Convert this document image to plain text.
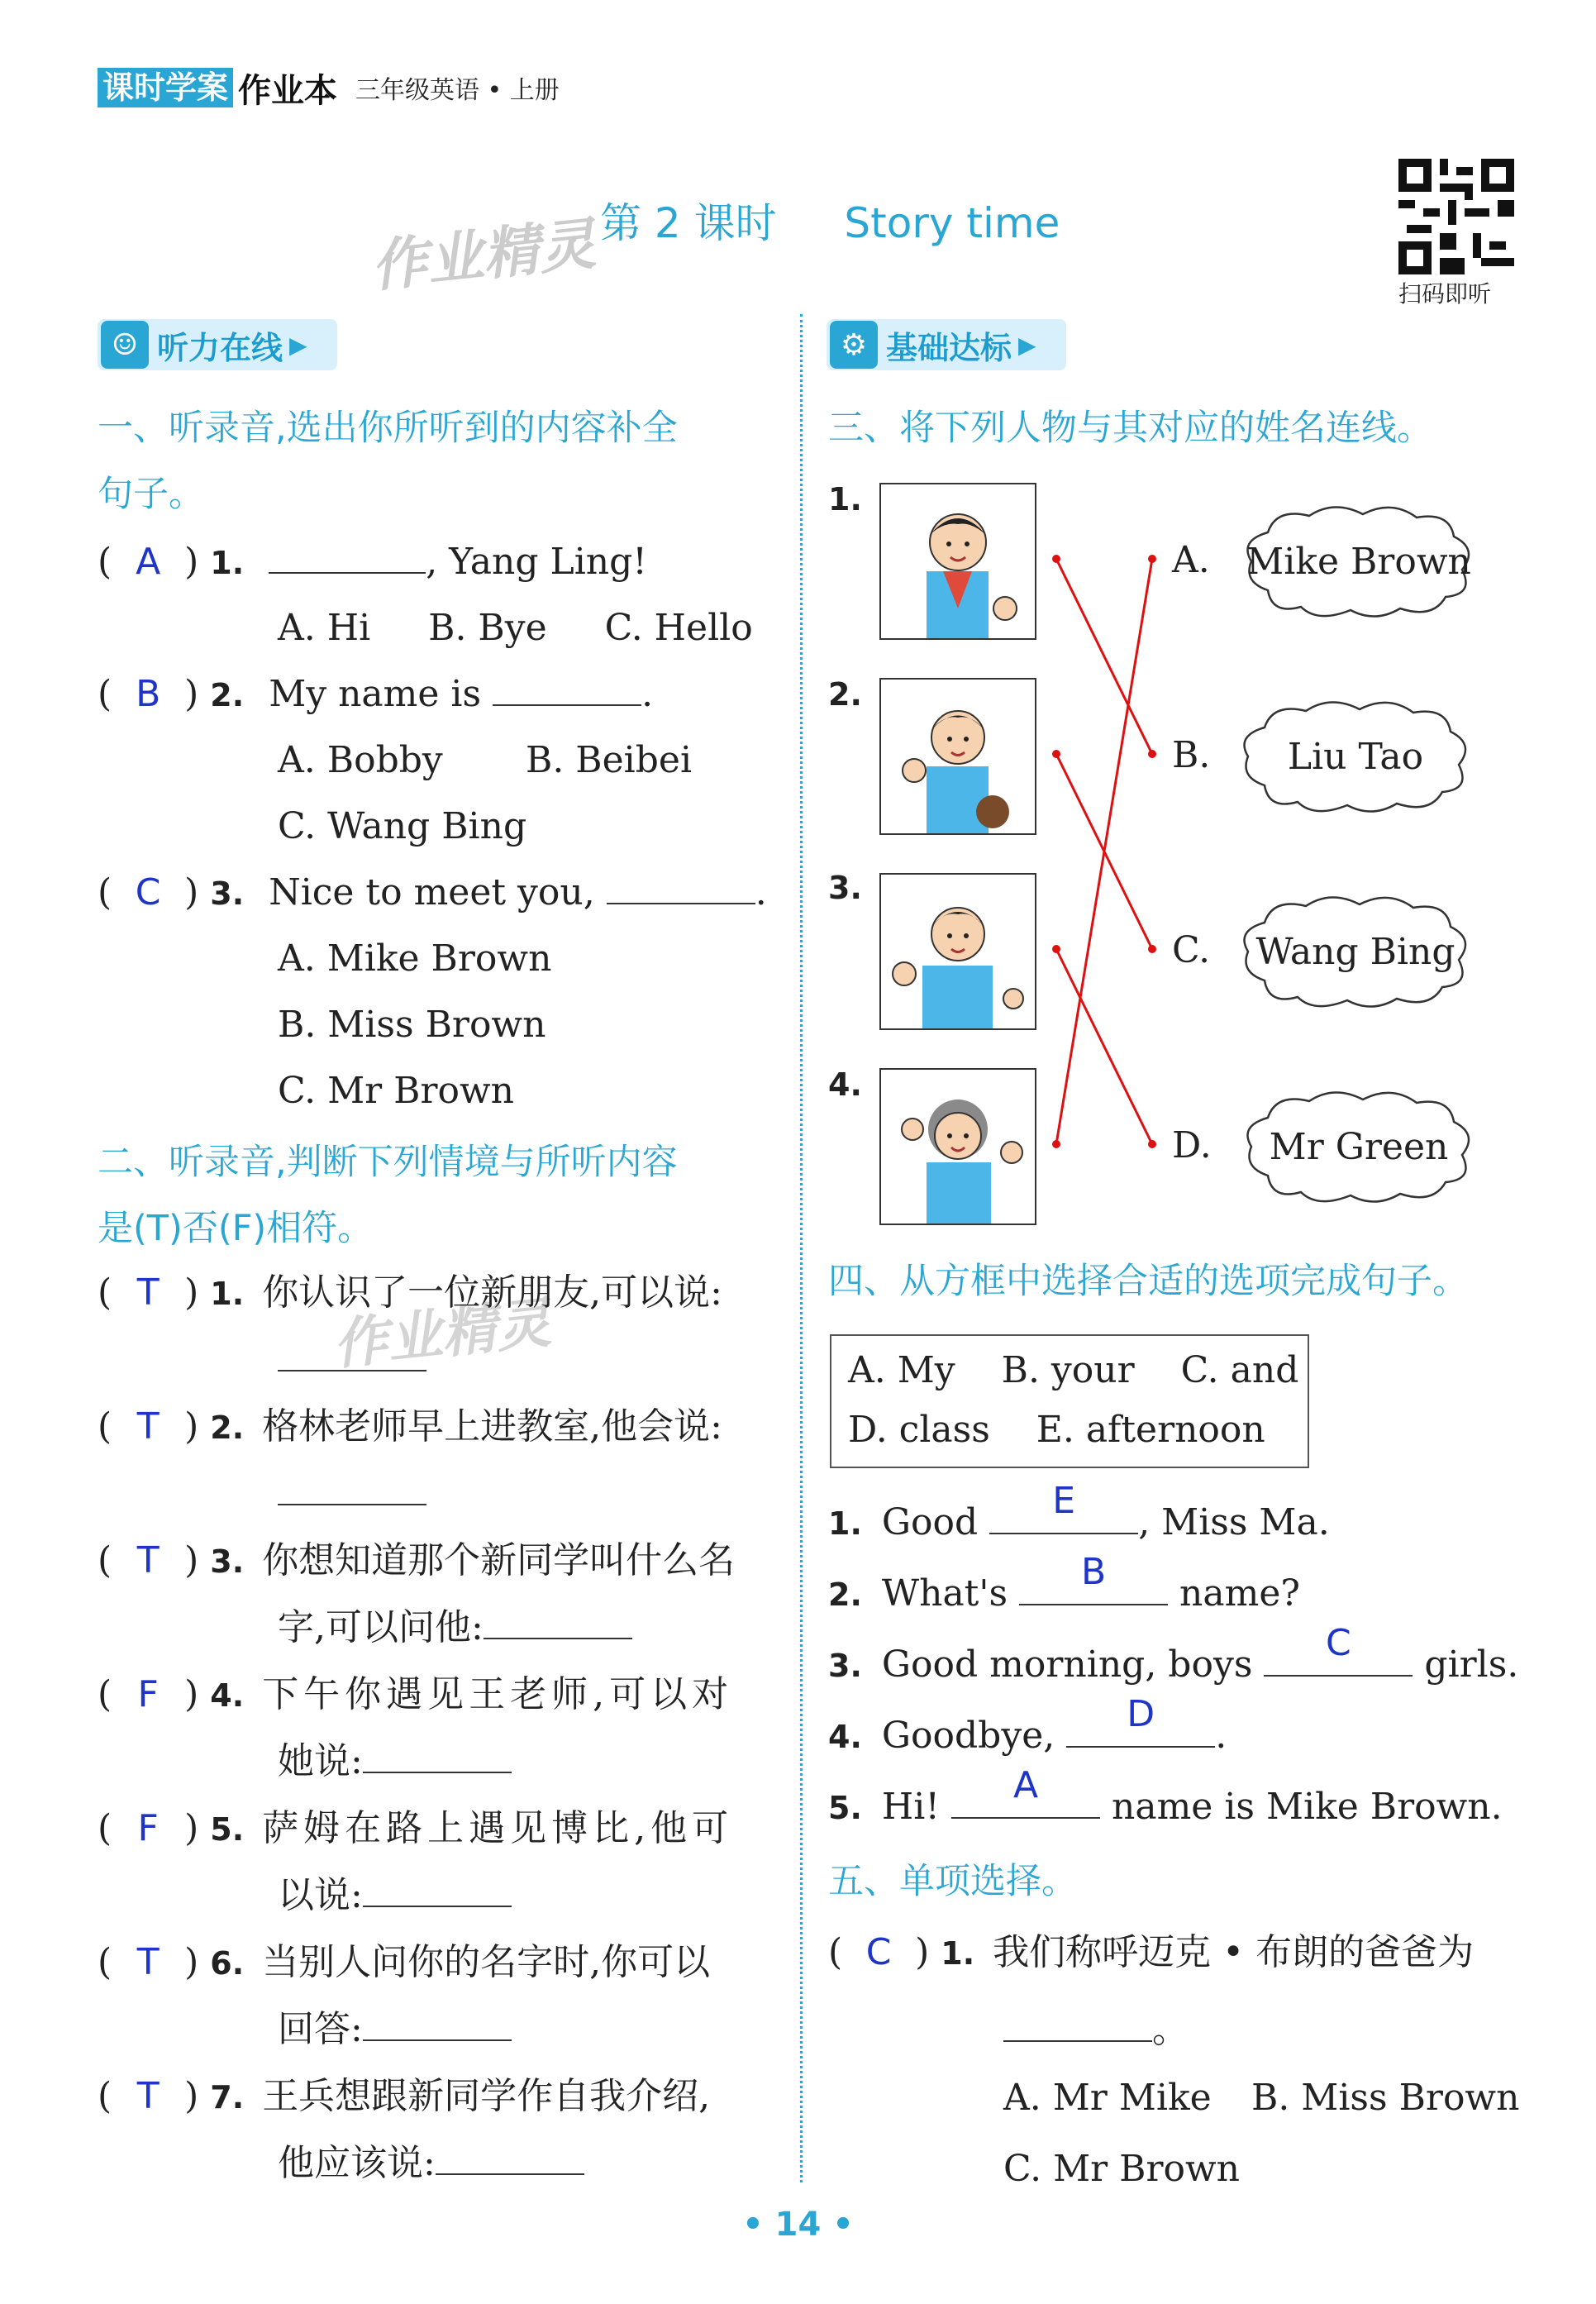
课时学案 作业本 三年级英语 • 上册
作业精灵 第 2 课时 Story time
扫码即听
☺ 听力在线 ▶
一、听录音,选出你所听到的内容补全
句子。
( A ) 1.	, Yang Ling!
A. Hi     B. Bye     C. Hello
( B ) 2. My name is	.
A. Bobby B. Beibei
C. Wang Bing
( C ) 3. Nice to meet you,	.
A. Mike Brown
B. Miss Brown
C. Mr Brown
二、听录音,判断下列情境与所听内容
是(T)否(F)相符。
作业精灵
( T ) 1. 你认识了一位新朋友,可以说:
( T ) 2. 格林老师早上进教室,他会说:
( T ) 3. 你想知道那个新同学叫什么名
字,可以问他:
( F ) 4. 下午你遇见王老师,可以对
她说:
( F ) 5. 萨姆在路上遇见博比,他可
以说:
( T ) 6. 当别人问你的名字时,你可以
回答:
( T ) 7. 王兵想跟新同学作自我介绍,
他应该说:
⚙ 基础达标 ▶
三、将下列人物与其对应的姓名连线。
1.
2.
3.
4.
A.	Mike Brown
B.	Liu Tao
C.	Wang Bing
D.	Mr Green
四、从方框中选择合适的选项完成句子。
A. My    B. your    C. and
D. class    E. afternoon
1. Good
E
, Miss Ma.
2. What's
B
name?
3. Good morning, boys
C
girls.
4. Goodbye,
D
.
5. Hi!
A
name is Mike Brown.
五、单项选择。
( C ) 1. 我们称呼迈克 • 布朗的爸爸为
。
A. Mr Mike B. Miss Brown
C. Mr Brown
• 14 •
